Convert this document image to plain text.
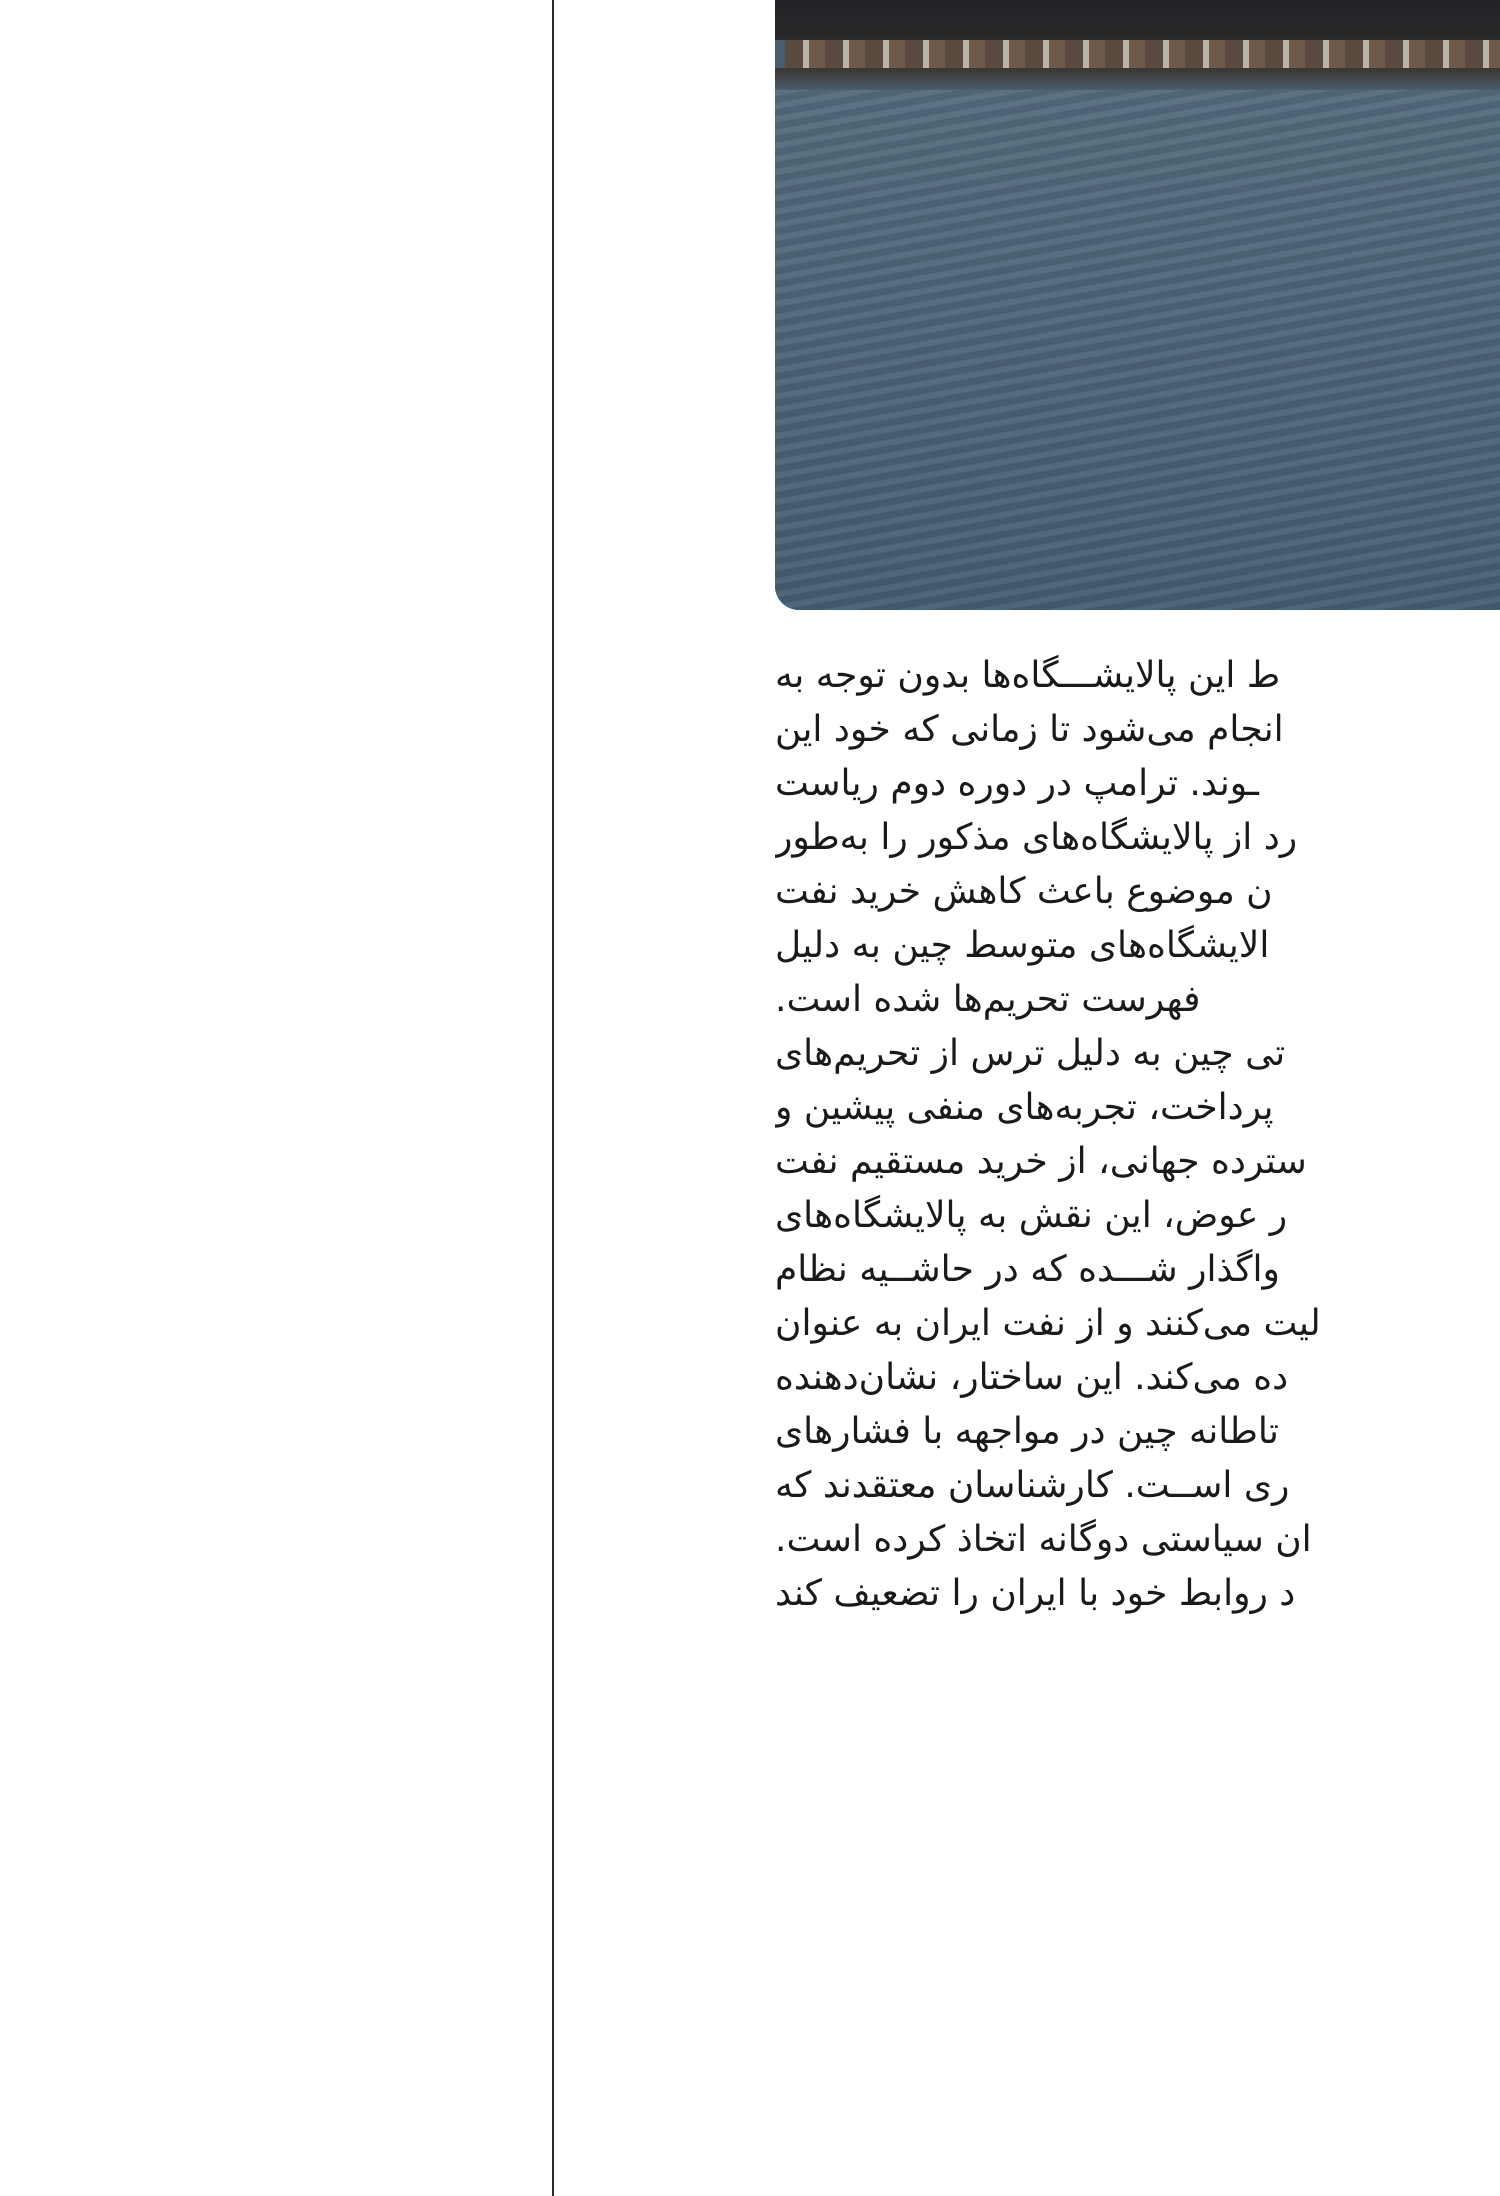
ط این پالایشـــگاه‌ها بدون توجه به
انجام می‌شود تا زمانی که خود این
ـوند. ترامپ در دوره دوم ریاست
رد از پالایشگاه‌های مذکور را به‌طور
ن موضوع باعث کاهش خرید نفت
الایشگاه‌های متوسط چین به دلیل
فهرست تحریم‌ها شده است.
تی چین به دلیل ترس از تحریم‌های
پرداخت، تجربه‌های منفی پیشین و
سترده جهانی، از خرید مستقیم نفت
ر عوض، این نقش به پالایشگاه‌های
واگذار شـــده که در حاشــیه نظام
لیت می‌کنند و از نفت ایران به عنوان
ده می‌کند. این ساختار، نشان‌دهنده
تاطانه چین در مواجهه با فشارهای
ری اســت. کارشناسان معتقدند که
ان سیاستی دوگانه اتخاذ کرده است.
د روابط خود با ایران را تضعیف کند
